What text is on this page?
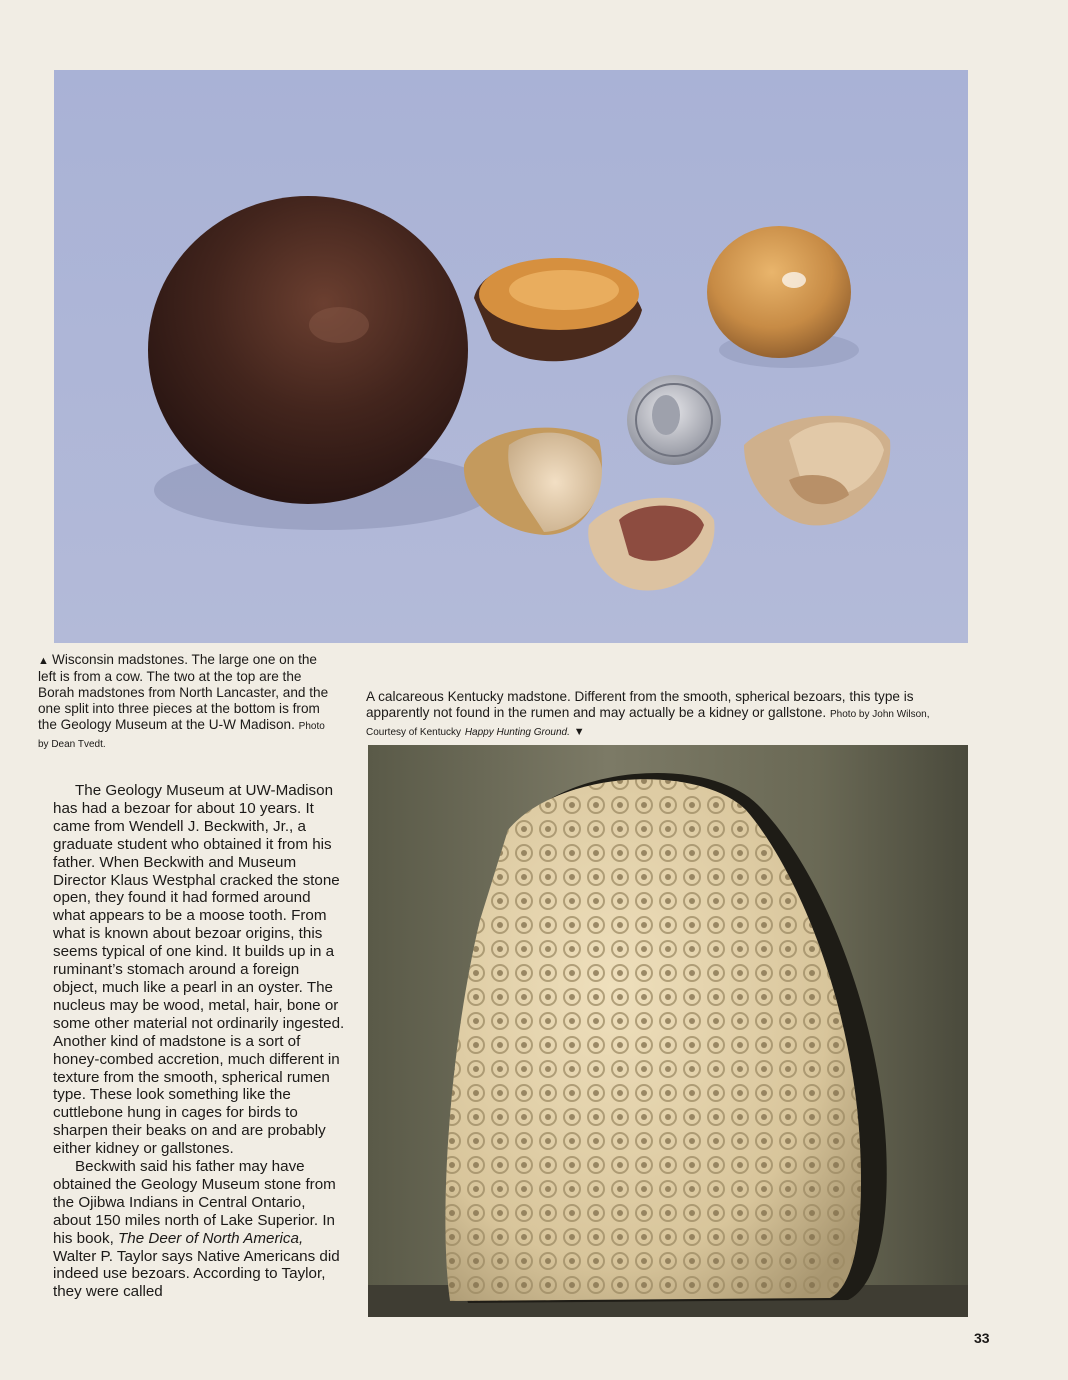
▲ Wisconsin madstones. The large one on the left is from a cow. The two at the top are the Borah madstones from North Lancaster, and the one split into three pieces at the bottom is from the Geology Museum at the U-W Madison. Photo by Dean Tvedt.
A calcareous Kentucky madstone. Different from the smooth, spherical bezoars, this type is apparently not found in the rumen and may actually be a kidney or gallstone. Photo by John Wilson, Courtesy of Kentucky Happy Hunting Ground. ▼

The Geology Museum at UW-Madison has had a bezoar for about 10 years. It came from Wendell J. Beckwith, Jr., a graduate student who obtained it from his father. When Beckwith and Museum Director Klaus Westphal cracked the stone open, they found it had formed around what appears to be a moose tooth. From what is known about bezoar origins, this seems typical of one kind. It builds up in a ruminant’s stomach around a foreign object, much like a pearl in an oyster. The nucleus may be wood, metal, hair, bone or some other material not ordinarily ingested. Another kind of madstone is a sort of honey-combed accretion, much different in texture from the smooth, spherical rumen type. These look something like the cuttlebone hung in cages for birds to sharpen their beaks on and are probably either kidney or gallstones.

Beckwith said his father may have obtained the Geology Museum stone from the Ojibwa Indians in Central Ontario, about 150 miles north of Lake Superior. In his book, The Deer of North America, Walter P. Taylor says Native Americans did indeed use bezoars. According to Taylor, they were called

33
